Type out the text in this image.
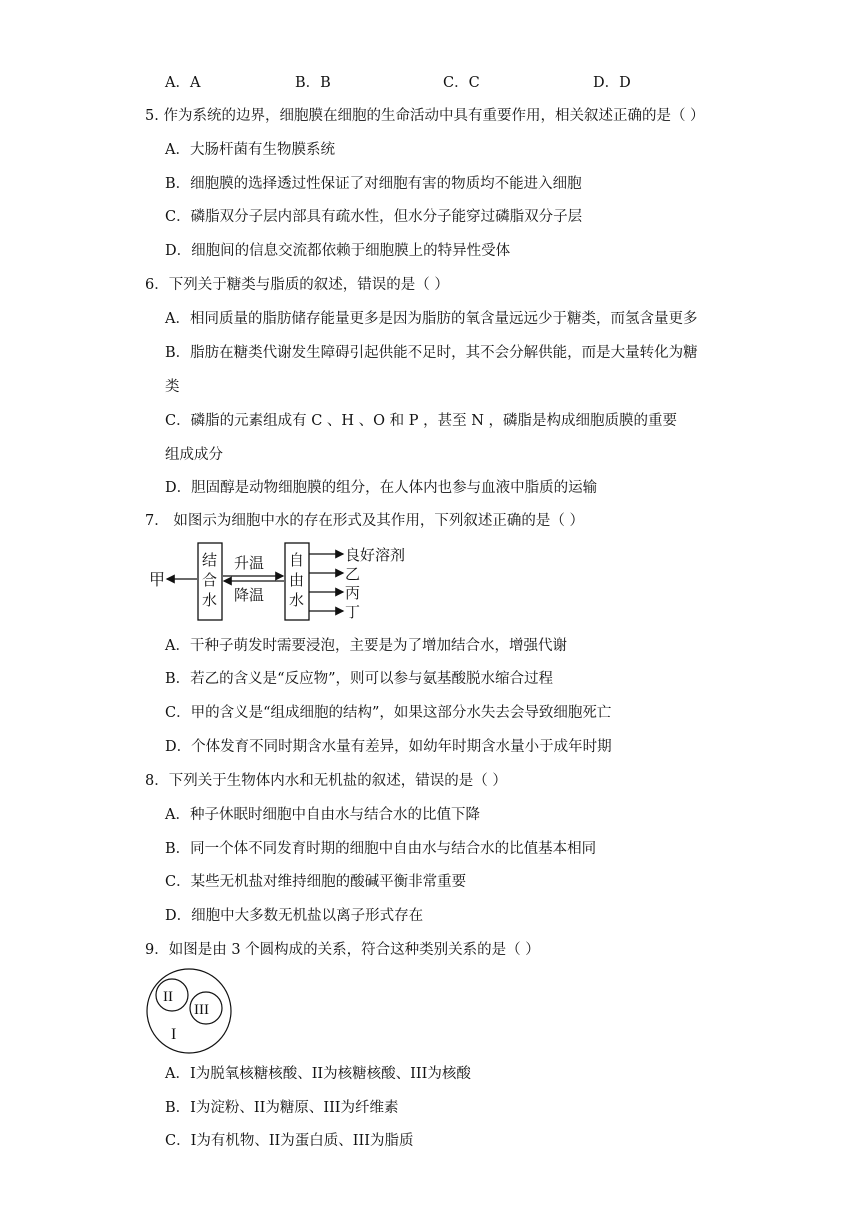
A．A	B．B	C．C	D．D
5. 作为系统的边界，细胞膜在细胞的生命活动中具有重要作用，相关叙述正确的是（ ）
A．大肠杆菌有生物膜系统
B．细胞膜的选择透过性保证了对细胞有害的物质均不能进入细胞
C．磷脂双分子层内部具有疏水性，但水分子能穿过磷脂双分子层
D．细胞间的信息交流都依赖于细胞膜上的特异性受体
6．下列关于糖类与脂质的叙述，错误的是（ ）
A．相同质量的脂肪储存能量更多是因为脂肪的氧含量远远少于糖类，而氢含量更多
B．脂肪在糖类代谢发生障碍引起供能不足时，其不会分解供能，而是大量转化为糖
类
C．磷脂的元素组成有 C 、H 、O 和 P ，甚至 N ，磷脂是构成细胞质膜的重要
组成成分
D．胆固醇是动物细胞膜的组分，在人体内也参与血液中脂质的运输
7． 如图示为细胞中水的存在形式及其作用，下列叙述正确的是（ ）
甲
结
合
水
升温
降温
自
由
水
良好溶剂
乙
丙
丁
A．干种子萌发时需要浸泡，主要是为了增加结合水，增强代谢
B．若乙的含义是“反应物”，则可以参与氨基酸脱水缩合过程
C．甲的含义是“组成细胞的结构”，如果这部分水失去会导致细胞死亡
D．个体发育不同时期含水量有差异，如幼年时期含水量小于成年时期
8．下列关于生物体内水和无机盐的叙述，错误的是（ ）
A．种子休眠时细胞中自由水与结合水的比值下降
B．同一个体不同发育时期的细胞中自由水与结合水的比值基本相同
C．某些无机盐对维持细胞的酸碱平衡非常重要
D．细胞中大多数无机盐以离子形式存在
9．如图是由 3 个圆构成的关系，符合这种类别关系的是（ ）
II
III
I
A．I为脱氧核糖核酸、II为核糖核酸、III为核酸
B．I为淀粉、II为糖原、III为纤维素
C．I为有机物、II为蛋白质、III为脂质
